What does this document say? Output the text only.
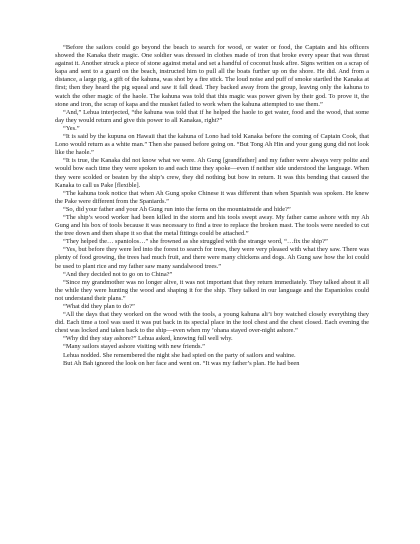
“Before the sailors could go beyond the beach to search for wood, or water or food, the Captain and his officers showed the Kanaka their magic. One soldier was dressed in clothes made of iron that broke every spear that was thrust against it. Another struck a piece of stone against metal and set a handful of coconut husk afire. Signs written on a scrap of kapa and sent to a guard on the beach, instructed him to pull all the boats further up on the shore. He did. And from a distance, a large pig, a gift of the kahuna, was shot by a fire stick. The loud noise and puff of smoke startled the Kanaka at first; then they heard the pig squeal and saw it fall dead. They backed away from the group, leaving only the kahuna to watch the other magic of the haole. The kahuna was told that this magic was power given by their god. To prove it, the stone and iron, the scrap of kapa and the musket failed to work when the kahuna attempted to use them.”

“And,” Lehua interjected, “the kahuna was told that if he helped the haole to get water, food and the wood, that some day they would return and give this power to all Kanakas, right?”

“Yes.”

“It is said by the kupuna on Hawaii that the kahuna of Lono had told Kanaka before the coming of Captain Cook, that Lono would return as a white man.” Then she paused before going on. “But Tong Ah Hin and your gung gung did not look like the haole.”

“It is true, the Kanaka did not know what we were. Ah Gung [grandfather] and my father were always very polite and would bow each time they were spoken to and each time they spoke—even if neither side understood the language. When they were scolded or beaten by the ship’s crew, they did nothing but bow in return. It was this bending that caused the Kanaka to call us Pake [flexible].

“The kahuna took notice that when Ah Gung spoke Chinese it was different than when Spanish was spoken. He knew the Pake were different from the Spaniards.”

“So, did your father and your Ah Gung run into the ferns on the mountainside and hide?”

“The ship’s wood worker had been killed in the storm and his tools swept away. My father came ashore with my Ah Gung and his box of tools because it was necessary to find a tree to replace the broken mast. The tools were needed to cut the tree down and then shape it so that the metal fittings could be attached.”

“They helped the… spaniolos…” she frowned as she struggled with the strange word, “…fix the ship?”

“Yes, but before they were led into the forest to search for trees, they were very pleased with what they saw. There was plenty of food growing, the trees had much fruit, and there were many chickens and dogs. Ah Gung saw how the loi could be used to plant rice and my father saw many sandalwood trees.”

“And they decided not to go on to China?”

“Since my grandmother was no longer alive, it was not important that they return immediately. They talked about it all the while they were hunting the wood and shaping it for the ship. They talked in our language and the Espaniolos could not understand their plans.”

“What did they plan to do?”

“All the days that they worked on the wood with the tools, a young kahuna ali’i boy watched closely everything they did. Each time a tool was used it was put back in its special place in the tool chest and the chest closed. Each evening the chest was locked and taken back to the ship—even when my ’ohana stayed over-night ashore.”

“Why did they stay ashore?” Lehua asked, knowing full well why.

“Many sailors stayed ashore visiting with new friends.”

Lehua nodded. She remembered the night she had spied on the party of sailors and wahine.

But Ah Bah ignored the look on her face and went on. “It was my father’s plan. He had been
